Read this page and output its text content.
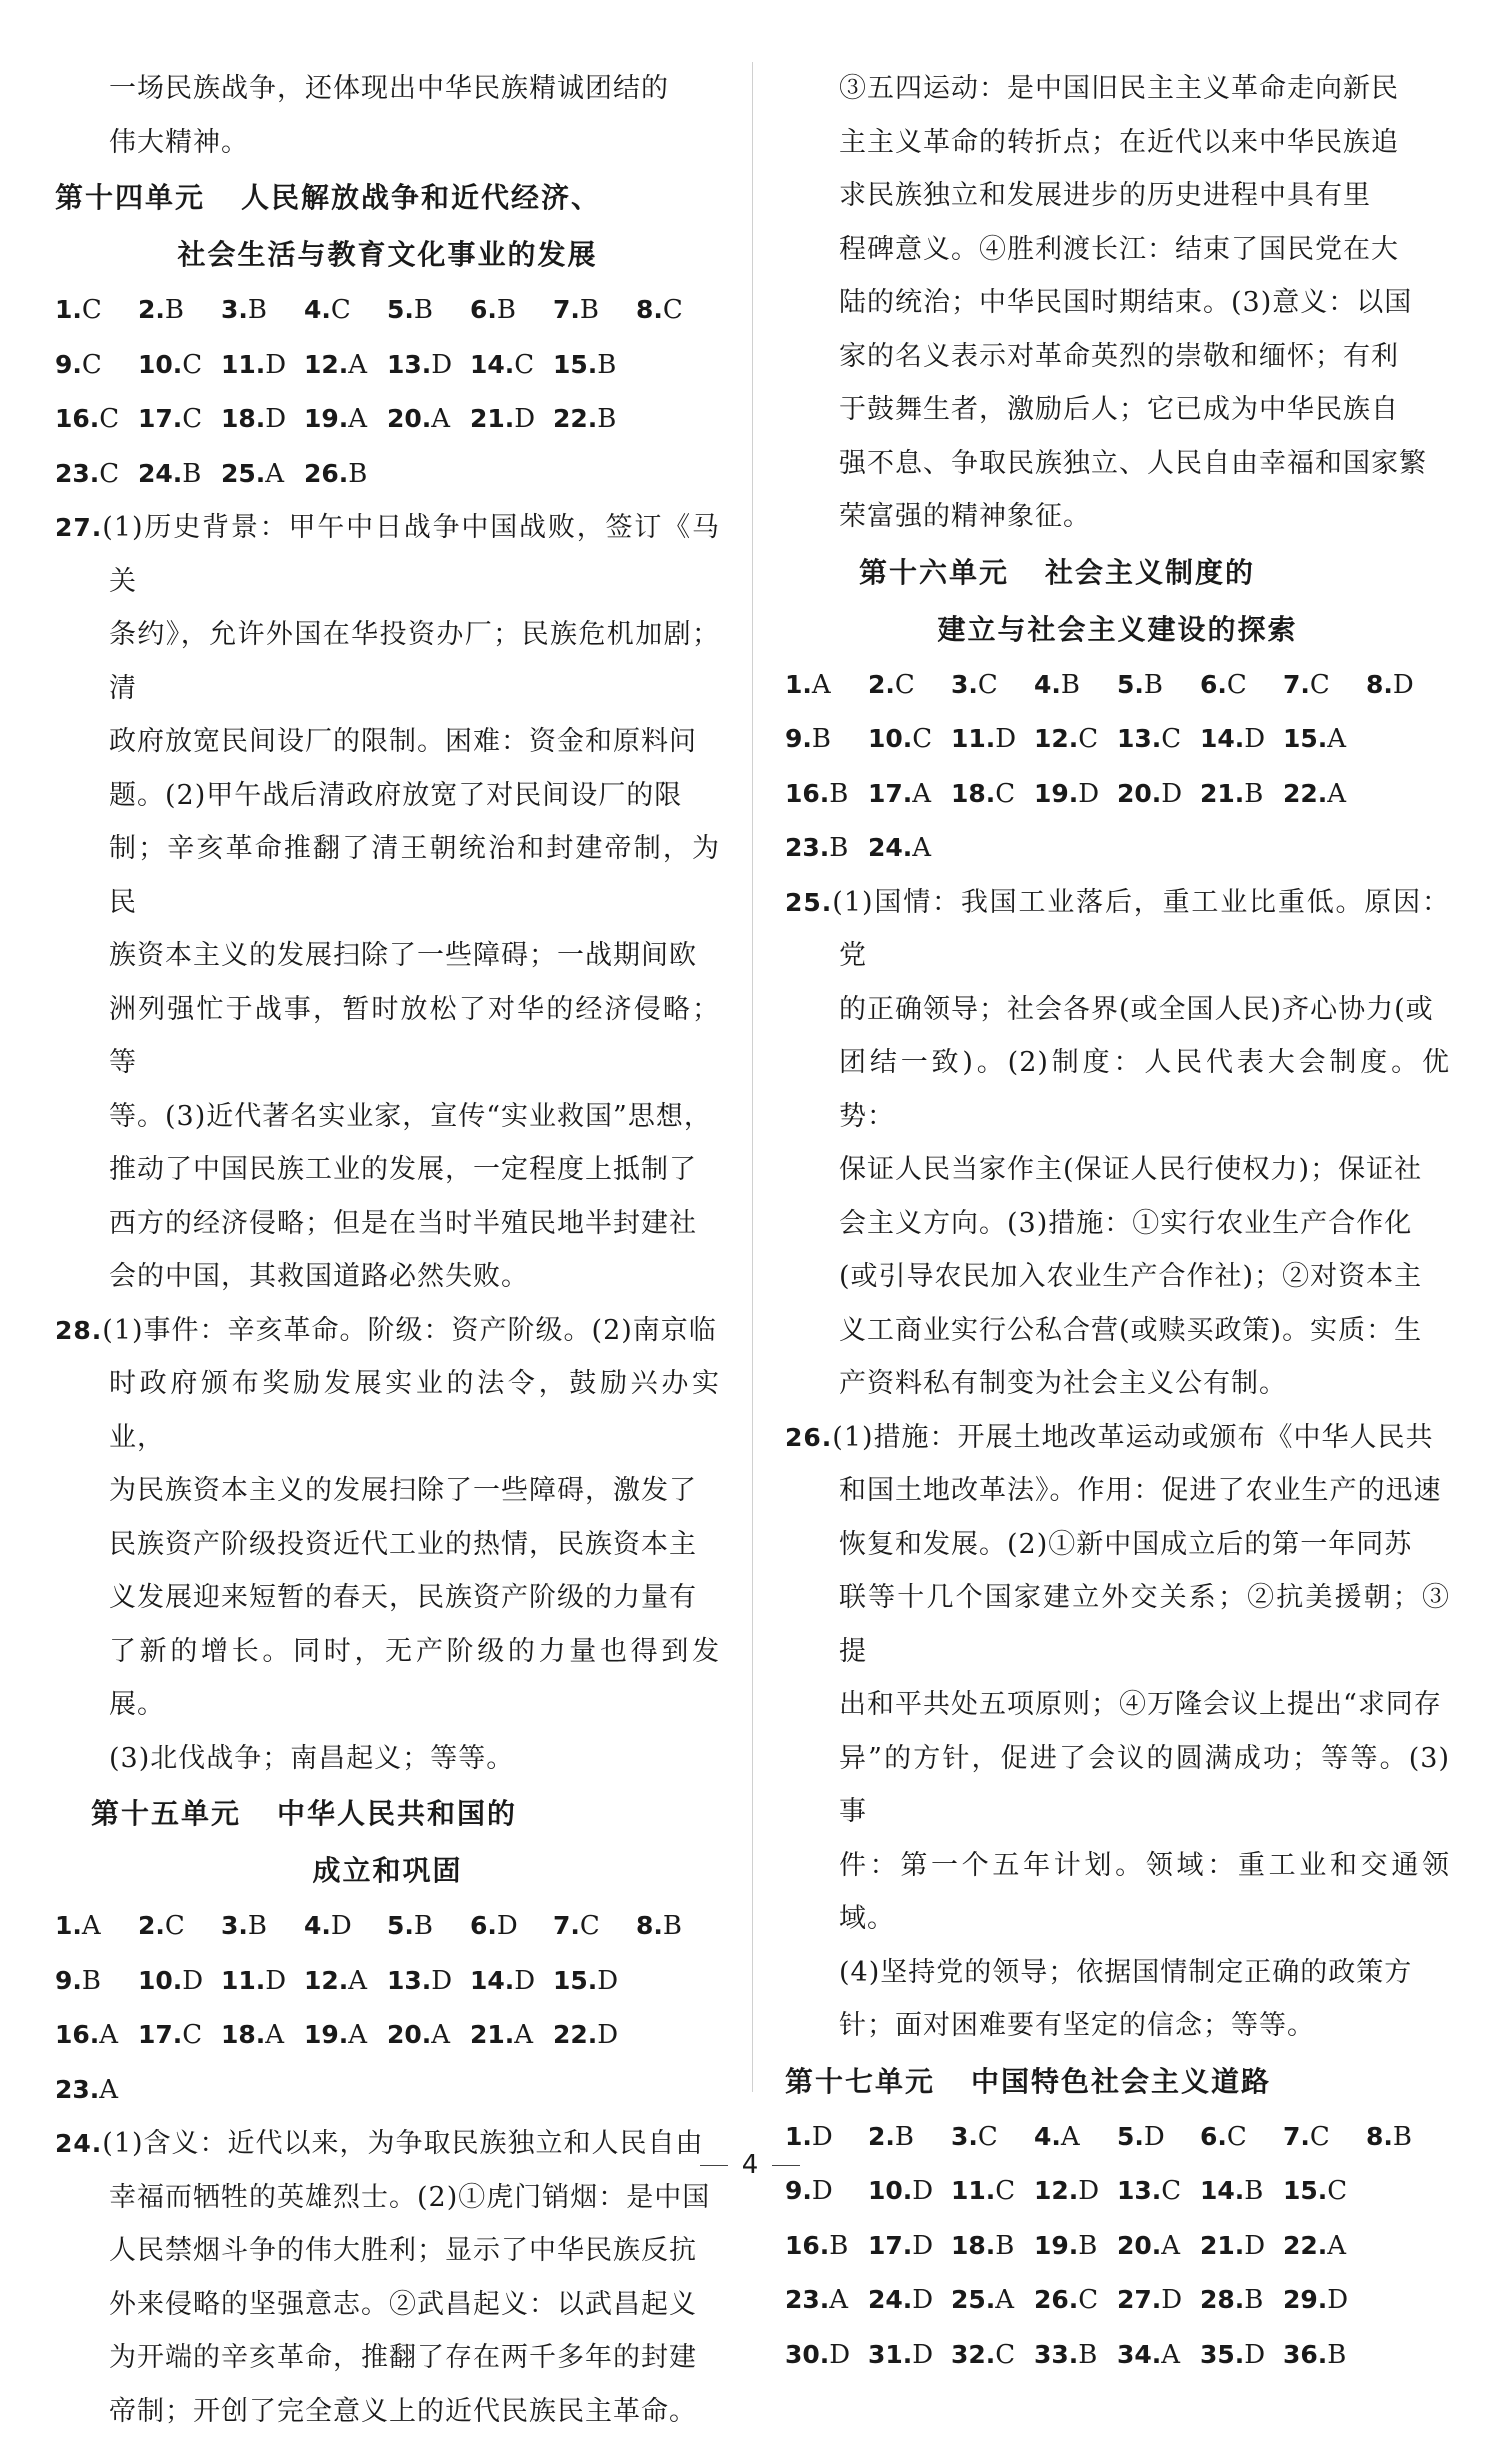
一场民族战争，还体现出中华民族精诚团结的

伟大精神。

第十四单元 人民解放战争和近代经济、
社会生活与教育文化事业的发展
1.C	2.B	3.B	4.C	5.B	6.B	7.B	8.C
9.C	10.C 11.D 12.A 13.D 14.C 15.B
16.C 17.C 18.D 19.A 20.A 21.D 22.B
23.C 24.B 25.A 26.B

27.(1)历史背景：甲午中日战争中国战败，签订《马关

条约》，允许外国在华投资办厂；民族危机加剧；清

政府放宽民间设厂的限制。困难：资金和原料问

题。(2)甲午战后清政府放宽了对民间设厂的限

制；辛亥革命推翻了清王朝统治和封建帝制，为民

族资本主义的发展扫除了一些障碍；一战期间欧

洲列强忙于战事，暂时放松了对华的经济侵略；等

等。(3)近代著名实业家，宣传“实业救国”思想，

推动了中国民族工业的发展，一定程度上抵制了

西方的经济侵略；但是在当时半殖民地半封建社

会的中国，其救国道路必然失败。

28.(1)事件：辛亥革命。阶级：资产阶级。(2)南京临

时政府颁布奖励发展实业的法令，鼓励兴办实业，

为民族资本主义的发展扫除了一些障碍，激发了

民族资产阶级投资近代工业的热情，民族资本主

义发展迎来短暂的春天，民族资产阶级的力量有

了新的增长。同时，无产阶级的力量也得到发展。

(3)北伐战争；南昌起义；等等。

第十五单元 中华人民共和国的
成立和巩固
1.A	2.C	3.B	4.D	5.B	6.D	7.C	8.B
9.B	10.D 11.D 12.A 13.D 14.D 15.D
16.A 17.C 18.A 19.A 20.A 21.A 22.D
23.A

24.(1)含义：近代以来，为争取民族独立和人民自由

幸福而牺牲的英雄烈士。(2)①虎门销烟：是中国

人民禁烟斗争的伟大胜利；显示了中华民族反抗

外来侵略的坚强意志。②武昌起义：以武昌起义

为开端的辛亥革命，推翻了存在两千多年的封建

帝制；开创了完全意义上的近代民族民主革命。

③五四运动：是中国旧民主主义革命走向新民

主主义革命的转折点；在近代以来中华民族追

求民族独立和发展进步的历史进程中具有里

程碑意义。④胜利渡长江：结束了国民党在大

陆的统治；中华民国时期结束。(3)意义：以国

家的名义表示对革命英烈的崇敬和缅怀；有利

于鼓舞生者，激励后人；它已成为中华民族自

强不息、争取民族独立、人民自由幸福和国家繁

荣富强的精神象征。

第十六单元 社会主义制度的
建立与社会主义建设的探索
1.A	2.C	3.C	4.B	5.B	6.C	7.C	8.D
9.B	10.C 11.D 12.C 13.C 14.D 15.A
16.B 17.A 18.C 19.D 20.D 21.B 22.A
23.B 24.A

25.(1)国情：我国工业落后，重工业比重低。原因：党

的正确领导；社会各界(或全国人民)齐心协力(或

团结一致)。(2)制度：人民代表大会制度。优势：

保证人民当家作主(保证人民行使权力)；保证社

会主义方向。(3)措施：①实行农业生产合作化

(或引导农民加入农业生产合作社)；②对资本主

义工商业实行公私合营(或赎买政策)。实质：生

产资料私有制变为社会主义公有制。

26.(1)措施：开展土地改革运动或颁布《中华人民共

和国土地改革法》。作用：促进了农业生产的迅速

恢复和发展。(2)①新中国成立后的第一年同苏

联等十几个国家建立外交关系；②抗美援朝；③提

出和平共处五项原则；④万隆会议上提出“求同存

异”的方针，促进了会议的圆满成功；等等。(3)事

件：第一个五年计划。领域：重工业和交通领域。

(4)坚持党的领导；依据国情制定正确的政策方

针；面对困难要有坚定的信念；等等。

第十七单元 中国特色社会主义道路
1.D	2.B	3.C	4.A	5.D	6.C	7.C	8.B
9.D	10.D 11.C 12.D 13.C 14.B 15.C
16.B 17.D 18.B 19.B 20.A 21.D 22.A
23.A 24.D 25.A 26.C 27.D 28.B 29.D
30.D 31.D 32.C 33.B 34.A 35.D 36.B
4
